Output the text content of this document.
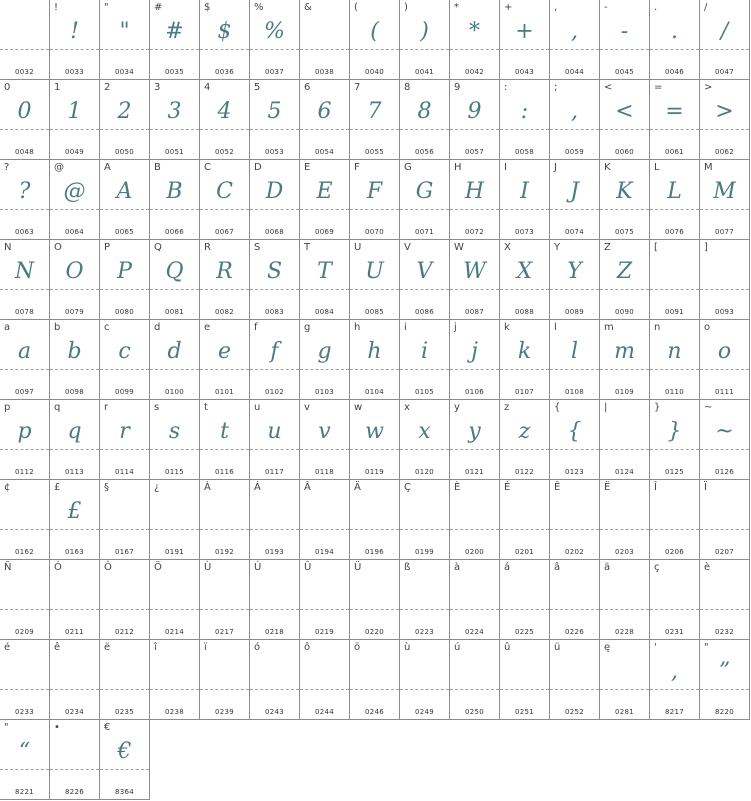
0032
!
!
0033
"
"
0034
#
#
0035
$
$
0036
%
%
0037
&
0038
(
(
0040
)
)
0041
*
*
0042
+
+
0043
,
,
0044
-
-
0045
.
.
0046
/
/
0047
0
0
0048
1
1
0049
2
2
0050
3
3
0051
4
4
0052
5
5
0053
6
6
0054
7
7
0055
8
8
0056
9
9
0057
:
:
0058
;
,
0059
<
<
0060
=
=
0061
>
>
0062
?
?
0063
@
@
0064
A
A
0065
B
B
0066
C
C
0067
D
D
0068
E
E
0069
F
F
0070
G
G
0071
H
H
0072
I
I
0073
J
J
0074
K
K
0075
L
L
0076
M
M
0077
N
N
0078
O
O
0079
P
P
0080
Q
Q
0081
R
R
0082
S
S
0083
T
T
0084
U
U
0085
V
V
0086
W
W
0087
X
X
0088
Y
Y
0089
Z
Z
0090
[
0091
]
0093
a
a
0097
b
b
0098
c
c
0099
d
d
0100
e
e
0101
f
f
0102
g
g
0103
h
h
0104
i
i
0105
j
j
0106
k
k
0107
l
l
0108
m
m
0109
n
n
0110
o
o
0111
p
p
0112
q
q
0113
r
r
0114
s
s
0115
t
t
0116
u
u
0117
v
v
0118
w
w
0119
x
x
0120
y
y
0121
z
z
0122
{
{
0123
|
0124
}
}
0125
~
~
0126
¢
0162
£
£
0163
§
0167
¿
0191
À
0192
Á
0193
Â
0194
Ä
0196
Ç
0199
È
0200
É
0201
Ê
0202
Ë
0203
Î
0206
Ï
0207
Ñ
0209
Ó
0211
Ô
0212
Ö
0214
Ù
0217
Ú
0218
Û
0219
Ü
0220
ß
0223
à
0224
á
0225
â
0226
ä
0228
ç
0231
è
0232
é
0233
ê
0234
ë
0235
î
0238
ï
0239
ó
0243
ô
0244
ö
0246
ù
0249
ú
0250
û
0251
ü
0252
ę
0281
'
,
8217
"
”
8220
"
“
8221
•
8226
€
€
8364
